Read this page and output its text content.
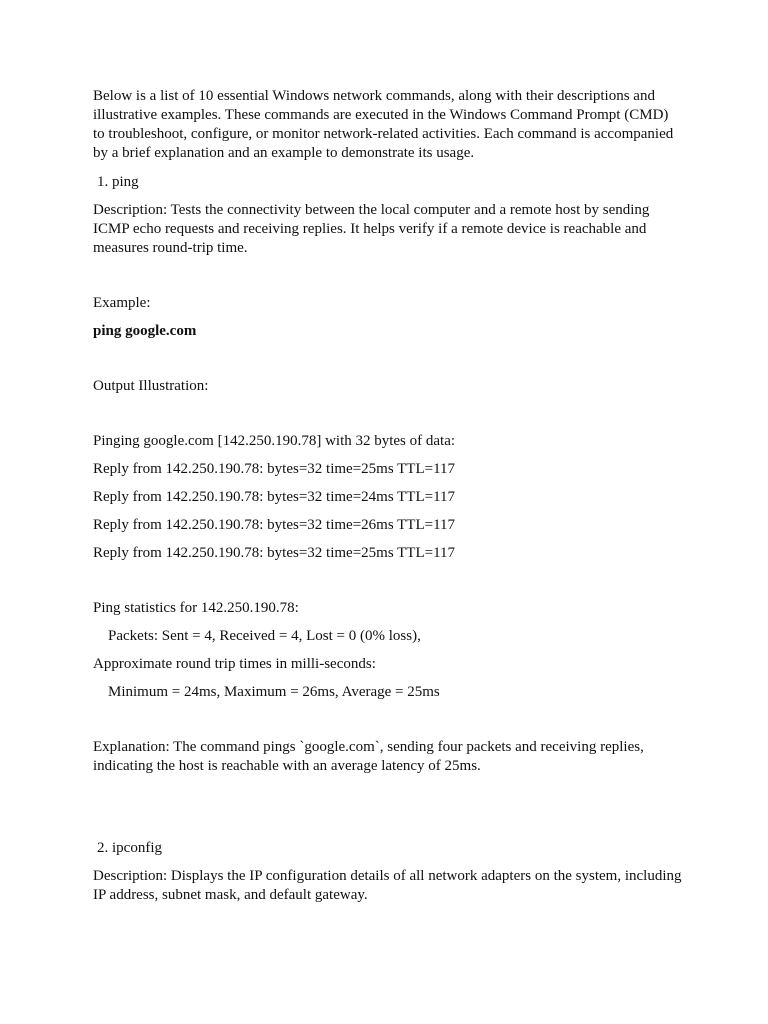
Below is a list of 10 essential Windows network commands, along with their descriptions and illustrative examples. These commands are executed in the Windows Command Prompt (CMD) to troubleshoot, configure, or monitor network-related activities. Each command is accompanied by a brief explanation and an example to demonstrate its usage.

1. ping

Description: Tests the connectivity between the local computer and a remote host by sending ICMP echo requests and receiving replies. It helps verify if a remote device is reachable and measures round-trip time.

Example:

ping google.com

Output Illustration:

Pinging google.com [142.250.190.78] with 32 bytes of data:

Reply from 142.250.190.78: bytes=32 time=25ms TTL=117

Reply from 142.250.190.78: bytes=32 time=24ms TTL=117

Reply from 142.250.190.78: bytes=32 time=26ms TTL=117

Reply from 142.250.190.78: bytes=32 time=25ms TTL=117

Ping statistics for 142.250.190.78:

Packets: Sent = 4, Received = 4, Lost = 0 (0% loss),

Approximate round trip times in milli-seconds:

Minimum = 24ms, Maximum = 26ms, Average = 25ms

Explanation: The command pings `google.com`, sending four packets and receiving replies, indicating the host is reachable with an average latency of 25ms.

2. ipconfig

Description: Displays the IP configuration details of all network adapters on the system, including IP address, subnet mask, and default gateway.
